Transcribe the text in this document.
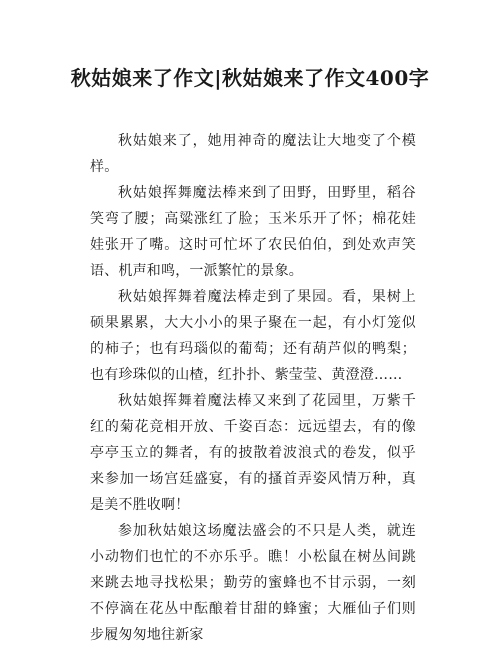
秋姑娘来了作文|秋姑娘来了作文400字

秋姑娘来了，她用神奇的魔法让大地变了个模样。

秋姑娘挥舞魔法棒来到了田野，田野里，稻谷笑弯了腰；高粱涨红了脸；玉米乐开了怀；棉花娃娃张开了嘴。这时可忙坏了农民伯伯，到处欢声笑语、机声和鸣，一派繁忙的景象。

秋姑娘挥舞着魔法棒走到了果园。看，果树上硕果累累，大大小小的果子聚在一起，有小灯笼似的柿子；也有玛瑙似的葡萄；还有葫芦似的鸭梨；也有珍珠似的山楂，红扑扑、紫莹莹、黄澄澄……

秋姑娘挥舞着魔法棒又来到了花园里，万紫千红的菊花竞相开放、千姿百态：远远望去，有的像亭亭玉立的舞者，有的披散着波浪式的卷发，似乎来参加一场宫廷盛宴，有的搔首弄姿风情万种，真是美不胜收啊！

参加秋姑娘这场魔法盛会的不只是人类，就连小动物们也忙的不亦乐乎。瞧！小松鼠在树丛间跳来跳去地寻找松果；勤劳的蜜蜂也不甘示弱，一刻不停滴在花丛中酝酿着甘甜的蜂蜜；大雁仙子们则步履匆匆地往新家
